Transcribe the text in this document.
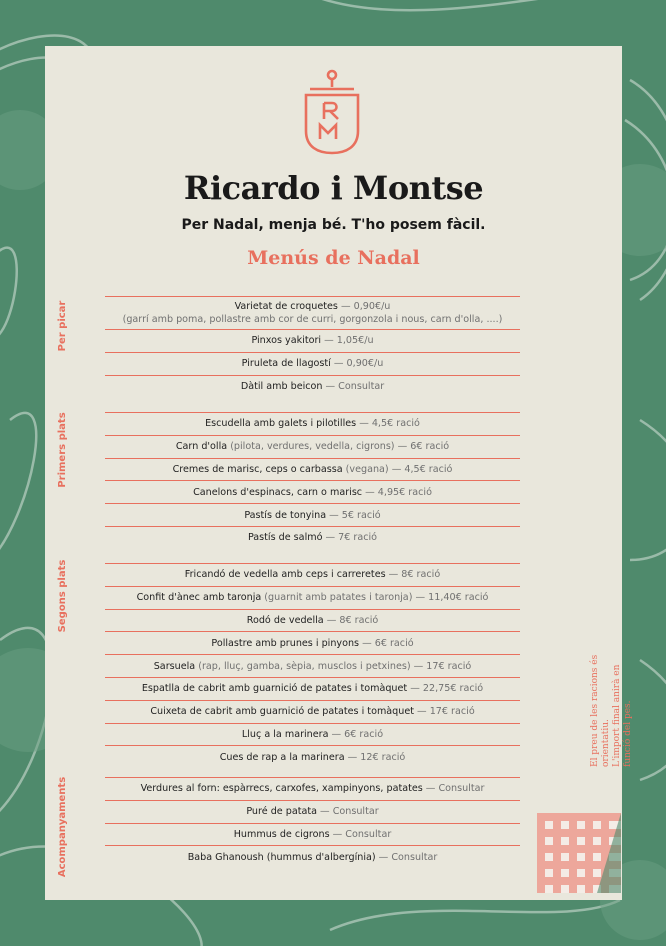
Ricardo i Montse
Per Nadal, menja bé. T'ho posem fàcil.
Menús de Nadal
Varietat de croquetes — 0,90€/u
(garrí amb poma, pollastre amb cor de curri, gorgonzola i nous, carn d'olla, ....)
Pinxos yakitori — 1,05€/u
Piruleta de llagostí — 0,90€/u
Dàtil amb beicon — Consultar
Per picar
Escudella amb galets i pilotilles — 4,5€ ració
Carn d'olla (pilota, verdures, vedella, cigrons) — 6€ ració
Cremes de marisc, ceps o carbassa (vegana) — 4,5€ ració
Canelons d'espinacs, carn o marisc — 4,95€ ració
Pastís de tonyina — 5€ ració
Pastís de salmó — 7€ ració
Primers plats
Fricandó de vedella amb ceps i carreretes — 8€ ració
Confit d'ànec amb taronja (guarnit amb patates i taronja) — 11,40€ ració
Rodó de vedella — 8€ ració
Pollastre amb prunes i pinyons — 6€ ració
Sarsuela (rap, lluç, gamba, sèpia, musclos i petxines) — 17€ ració
Espatlla de cabrit amb guarnició de patates i tomàquet — 22,75€ ració
Cuixeta de cabrit amb guarnició de patates i tomàquet — 17€ ració
Lluç a la marinera — 6€ ració
Cues de rap a la marinera — 12€ ració
Segons plats
Verdures al forn: espàrrecs, carxofes, xampinyons, patates — Consultar
Puré de patata — Consultar
Hummus de cigrons — Consultar
Baba Ghanoush (hummus d'albergínia) — Consultar
Acompanyaments
El preu de les racions és orientatiu. L'import final anirà en funció del pes.
